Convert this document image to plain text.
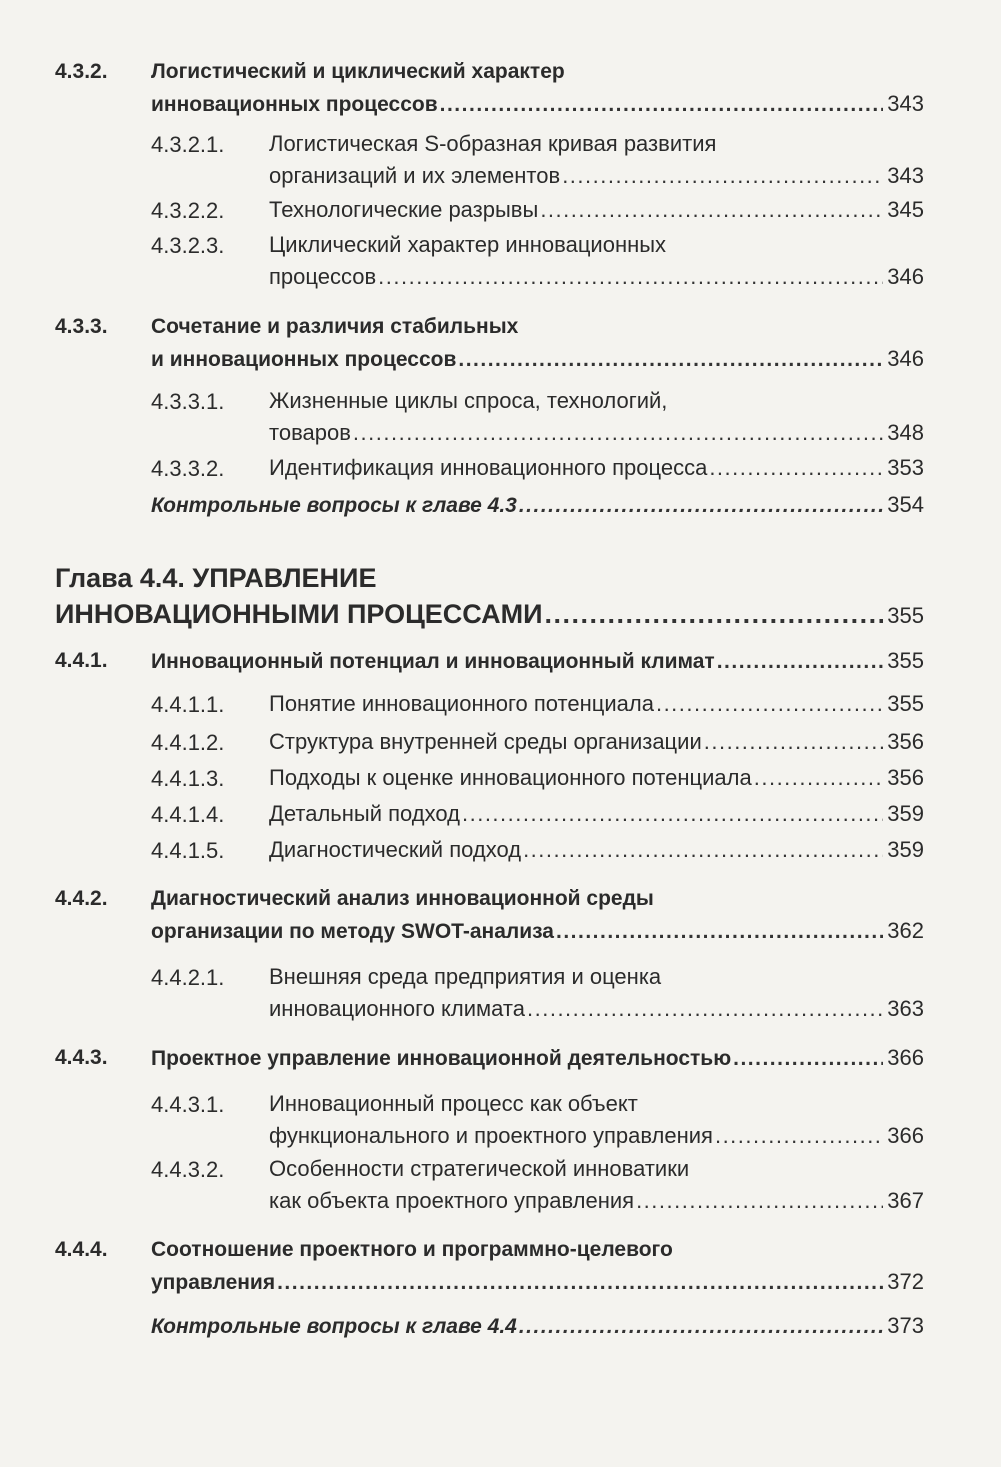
4.3.2. Логистический и циклический характер
инновационных процессов .....	343
4.3.2.1. Логистическая S-образная кривая развития
организаций и их элементов .....	343
4.3.2.2. Технологические разрывы .....	345
4.3.2.3. Циклический характер инновационных
процессов .....	346
4.3.3. Сочетание и различия стабильных
и инновационных процессов .....	346
4.3.3.1. Жизненные циклы спроса, технологий,
товаров .....	348
4.3.3.2. Идентификация инновационного процесса .....	353
Контрольные вопросы к главе 4.3 .....	354
Глава 4.4. УПРАВЛЕНИЕ
ИННОВАЦИОННЫМИ ПРОЦЕССАМИ .....	355
4.4.1. Инновационный потенциал и инновационный климат .....	355
4.4.1.1. Понятие инновационного потенциала .....	355
4.4.1.2. Структура внутренней среды организации .....	356
4.4.1.3. Подходы к оценке инновационного потенциала .....	356
4.4.1.4. Детальный подход .....	359
4.4.1.5. Диагностический подход .....	359
4.4.2. Диагностический анализ инновационной среды
организации по методу SWOT-анализа .....	362
4.4.2.1. Внешняя среда предприятия и оценка
инновационного климата .....	363
4.4.3. Проектное управление инновационной деятельностью .....	366
4.4.3.1. Инновационный процесс как объект
функционального и проектного управления .....	366
4.4.3.2. Особенности стратегической инноватики
как объекта проектного управления .....	367
4.4.4. Соотношение проектного и программно-целевого
управления .....	372
Контрольные вопросы к главе 4.4 .....	373
